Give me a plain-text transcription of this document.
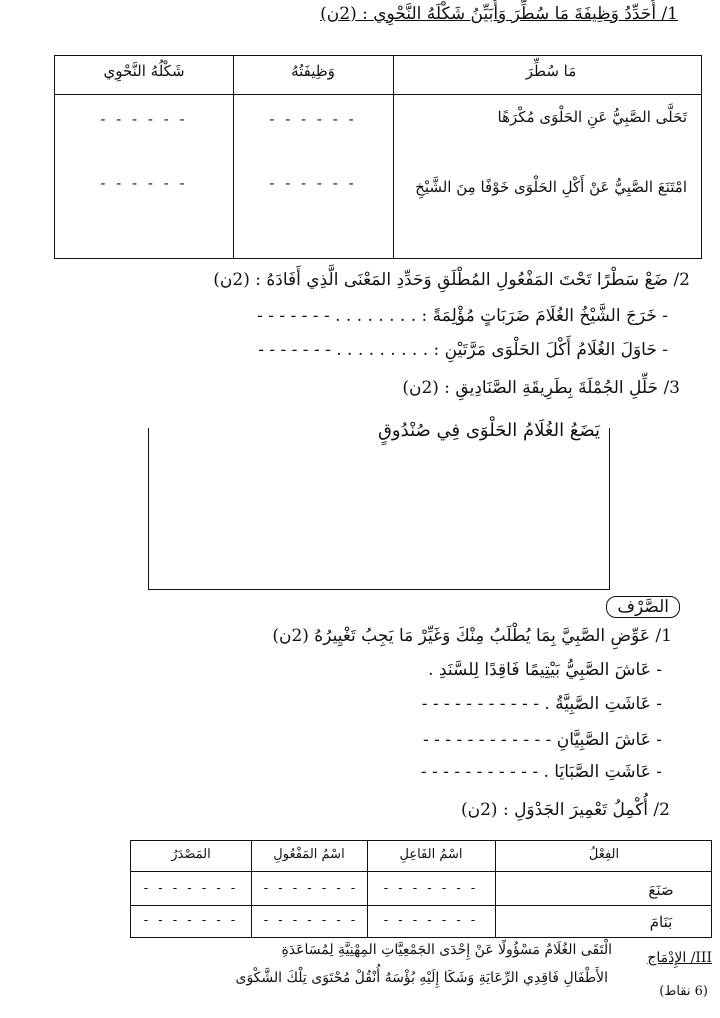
1/ أُحَدِّدُ وَظِيفَةَ مَا سُطِّرَ وَأُبَيِّنُ شَكْلَهُ النَّحْوِي : (2ن)
مَا سُطِّرَ
وَظِيفَتُهُ
شَكْلُهُ النَّحْوِي
تَحَلَّى الصَّبِيُّ عَنِ الحَلْوَى مُكْرَهًا
- - - - - -
- - - - - -
امْتَنَعَ الصَّبِيُّ عَنْ أَكْلِ الحَلْوَى خَوْفًا مِنَ الشَّيْخِ
- - - - - -
- - - - - -
2/ ضَعْ سَطْرًا تَحْتَ المَفْعُولِ المُطْلَقِ وَحَدِّدِ المَعْنَى الَّذِي أَفَادَهُ : (2ن)
- خَرَجَ الشَّيْخُ الغُلَامَ ضَرَبَاتٍ مُؤْلِمَةً : . . . . . . . . - - - - - - -
- حَاوَلَ الغُلَامُ أَكْلَ الحَلْوَى مَرَّتَيْنِ : . . . . . . . . . - - - - - - -
3/ حَلِّلِ الجُمْلَةَ بِطَرِيقَةِ الصَّنَادِيقِ : (2ن)
يَضَعُ الغُلَامُ الحَلْوَى فِي صُنْدُوقٍ
الصَّرْف
1/ عَوِّضِ الصَّبِيَّ بِمَا يُطْلَبُ مِنْكَ وَغَيِّرْ مَا يَجِبُ تَغْيِيرُهُ (2ن)
- عَاشَ الصَّبِيُّ بَيْتِيمًا فَاقِدًا لِلسَّنَدِ .
- عَاشَتِ الصَّبِيَّةُ . - - - - - - - - - - -
- عَاشَ الصَّبِيَّانِ - - - - - - - - - - - -
- عَاشَتِ الصَّبَايَا . - - - - - - - - - - -
2/ أُكْمِلُ تَعْمِيرَ الجَدْوَلِ : (2ن)
الفِعْلُ
اسْمُ الفَاعِلِ
اسْمُ المَفْعُولِ
المَصْدَرُ
صَنَعَ
- - - - - - -
- - - - - - -
- - - - - - -
بَنَامَ
- - - - - - -
- - - - - - -
- - - - - - -
III/ الإِدْمَاج
(6 نقاط)
الْتَقَى الغُلَامُ مَسْؤُولًا عَنْ إِحْدَى الجَمْعِيَّاتِ المِهْنِيَّةِ لِمُسَاعَدَةِ
الأَطْفَالِ فَاقِدِي الرِّعَايَةِ وَشَكَا إِلَيْهِ بُؤْسَهُ أُنْقُلْ مُحْتَوَى تِلْكَ الشَّكْوَى
